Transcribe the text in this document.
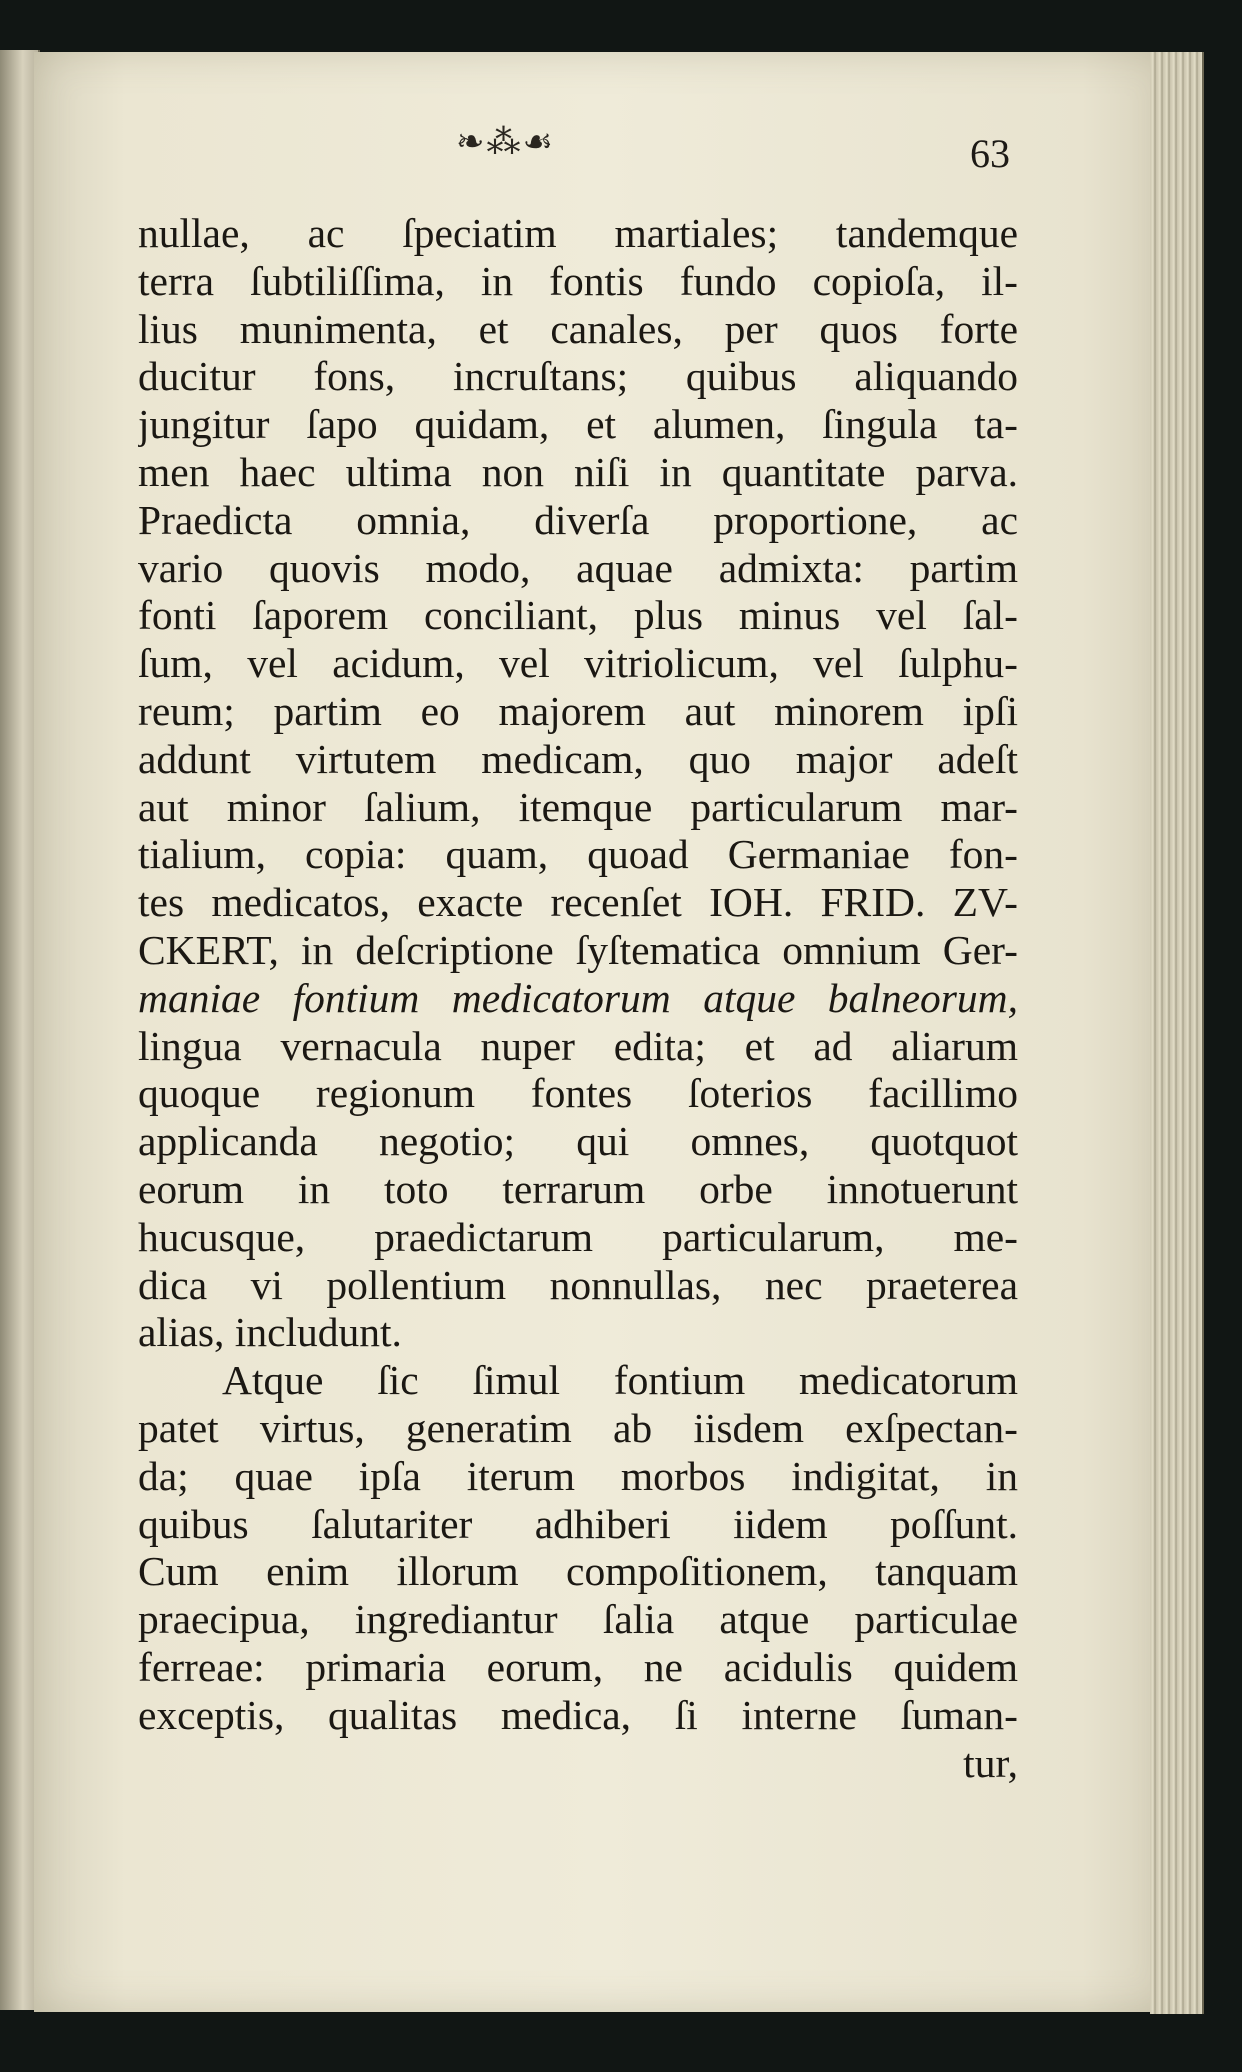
❧⁂☙	63
nullae, ac ſpeciatim martiales; tandemque
terra ſubtiliſſima, in fontis fundo copioſa, il-
lius munimenta, et canales, per quos forte
ducitur fons, incruſtans; quibus aliquando
jungitur ſapo quidam, et alumen, ſingula ta-
men haec ultima non niſi in quantitate parva.
Praedicta omnia, diverſa proportione, ac
vario quovis modo, aquae admixta: partim
fonti ſaporem conciliant, plus minus vel ſal-
ſum, vel acidum, vel vitriolicum, vel ſulphu-
reum; partim eo majorem aut minorem ipſi
addunt virtutem medicam, quo major adeſt
aut minor ſalium, itemque particularum mar-
tialium, copia: quam, quoad Germaniae fon-
tes medicatos, exacte recenſet IOH. FRID. ZV-
CKERT, in deſcriptione ſyſtematica omnium Ger-
maniae fontium medicatorum atque balneorum,
lingua vernacula nuper edita; et ad aliarum
quoque regionum fontes ſoterios facillimo
applicanda negotio; qui omnes, quotquot
eorum in toto terrarum orbe innotuerunt
hucusque, praedictarum particularum, me-
dica vi pollentium nonnullas, nec praeterea
alias, includunt.
Atque ſic ſimul fontium medicatorum
patet virtus, generatim ab iisdem exſpectan-
da; quae ipſa iterum morbos indigitat, in
quibus ſalutariter adhiberi iidem poſſunt.
Cum enim illorum compoſitionem, tanquam
praecipua, ingrediantur ſalia atque particulae
ferreae: primaria eorum, ne acidulis quidem
exceptis, qualitas medica, ſi interne ſuman-
tur,
